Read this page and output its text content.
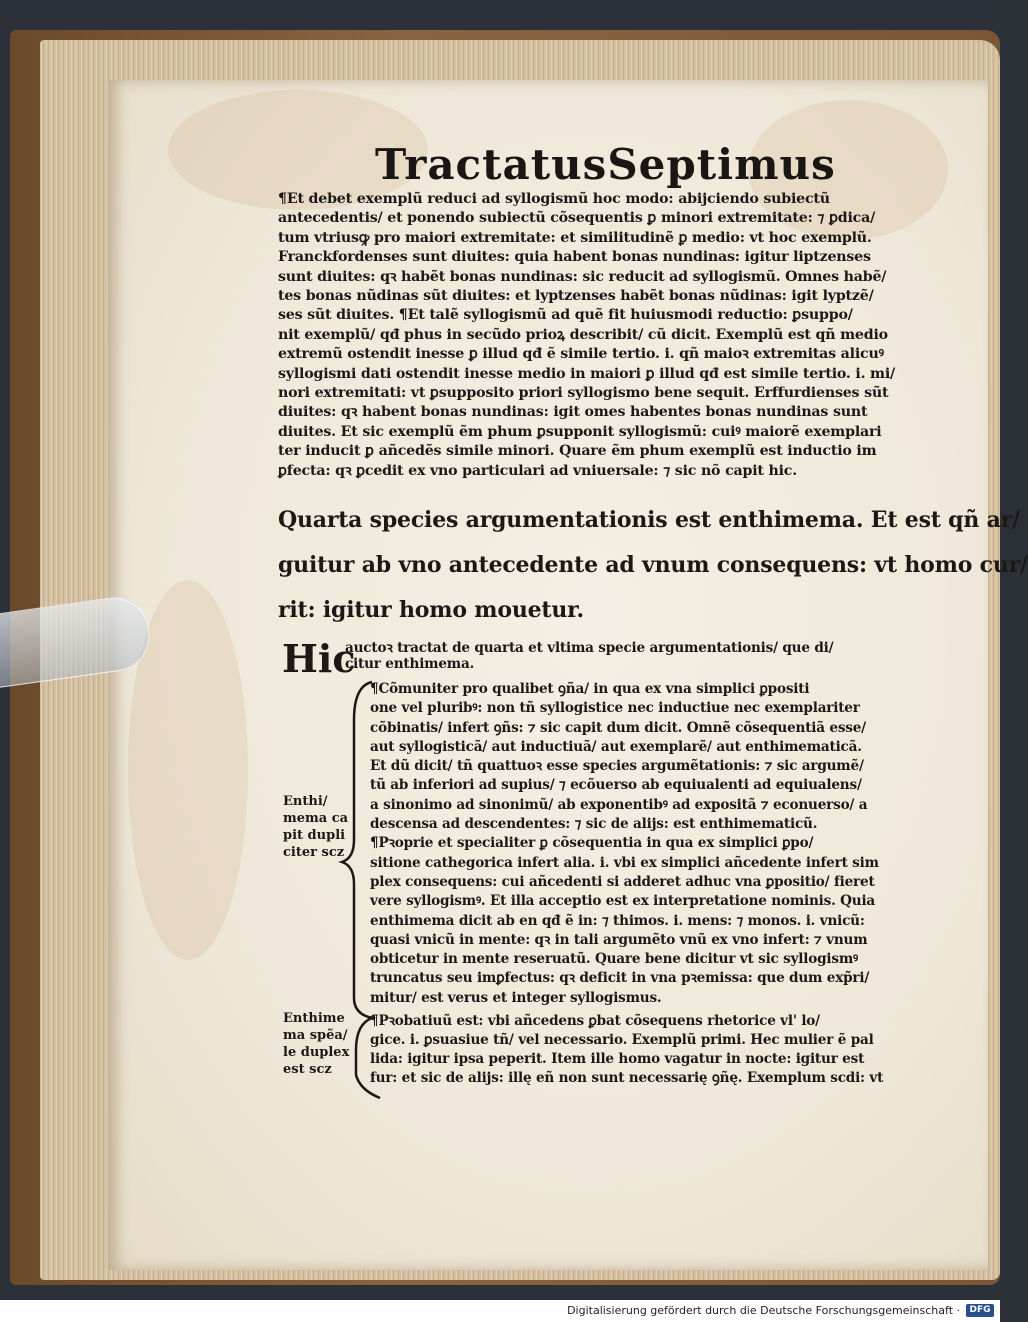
Tractatus Septimus
¶Et debet exemplũ reduci ad syllogismũ hoc modo: abijciendo subiectũ
antecedentis/ et ponendo subiectũ cõsequentis ꝑ minori extremitate: ⁊ ꝑdica/
tum vtriusꝙ pro maiori extremitate: et similitudinẽ ꝑ medio: vt hoc exemplũ.
Franckfordenses sunt diuites: quia habent bonas nundinas: igitur liptzenses
sunt diuites: qꝛ habẽt bonas nundinas: sic reducit ad syllogismũ. Omnes habẽ/
tes bonas nũdinas sũt diuites: et lyptzenses habẽt bonas nũdinas: igit lyptzẽ/
ses sũt diuites. ¶Et talẽ syllogismũ ad quẽ fit huiusmodi reductio: ꝑsuppo/
nit exemplũ/ qđ phus in secũdo prioꝝ describit/ cũ dicit. Exemplũ est qñ medio
extremũ ostendit inesse ꝑ illud qđ ẽ simile tertio. i. qñ maioꝛ extremitas alicuꝰ
syllogismi dati ostendit inesse medio in maiori ꝑ illud qđ est simile tertio. i. mi/
nori extremitati: vt ꝑsupposito priori syllogismo bene sequit. Erffurdienses sũt
diuites: qꝛ habent bonas nundinas: igit omes habentes bonas nundinas sunt
diuites. Et sic exemplũ ẽm phum ꝑsupponit syllogismũ: cuiꝰ maiorẽ exemplari
ter inducit ꝑ añcedẽs simile minori. Quare ẽm phum exemplũ est inductio im
ꝑfecta: qꝛ ꝑcedit ex vno particulari ad vniuersale: ⁊ sic nõ capit hic.
Quarta species argumentationis est enthimema. Et est qñ ar/
guitur ab vno antecedente ad vnum consequens: vt homo cur/
rit: igitur homo mouetur.
Hic
auctoꝛ tractat de quarta et vltima specie argumentationis/ que di/
citur enthimema.
¶Cõmuniter pro qualibet ꝯña/ in qua ex vna simplici ꝑpositi
one vel pluribꝰ: non tñ syllogistice nec inductiue nec exemplariter
cõbinatis/ infert ꝯñs: ⁊ sic capit dum dicit. Omnẽ cõsequentiã esse/
aut syllogisticã/ aut inductiuã/ aut exemplarẽ/ aut enthimematicã.
Et dũ dicit/ tñ quattuoꝛ esse species argumẽtationis: ⁊ sic argumẽ/
tũ ab inferiori ad supius/ ⁊ ecõuerso ab equiualenti ad equiualens/
a sinonimo ad sinonimũ/ ab exponentibꝰ ad expositã ⁊ econuerso/ a
descensa ad descendentes: ⁊ sic de alijs: est enthimematicũ.
¶Pꝛoprie et specialiter ꝑ cõsequentia in qua ex simplici ꝑpo/
sitione cathegorica infert alia. i. vbi ex simplici añcedente infert sim
plex consequens: cui añcedenti si adderet adhuc vna ꝑpositio/ fieret
vere syllogismꝰ. Et illa acceptio est ex interpretatione nominis. Quia
enthimema dicit ab en qđ ẽ in: ⁊ thimos. i. mens: ⁊ monos. i. vnicũ:
quasi vnicũ in mente: qꝛ in tali argumẽto vnũ ex vno infert: ⁊ vnum
obticetur in mente reseruatũ. Quare bene dicitur vt sic syllogismꝰ
truncatus seu imꝑfectus: qꝛ deficit in vna pꝛemissa: que dum exp̃ri/
mitur/ est verus et integer syllogismus.
¶Pꝛobatiuũ est: vbi añcedens ꝑbat cõsequens rhetorice vl' lo/
gice. i. ꝑsuasiue tñ/ vel necessario. Exemplũ primi. Hec mulier ẽ pal
lida: igitur ipsa peperit. Item ille homo vagatur in nocte: igitur est
fur: et sic de alijs: illę eñ non sunt necessarię ꝯñę. Exemplum scdi: vt
Enthi/
mema ca
pit dupli
citer scz
Enthime
ma spẽa/
le duplex
est scz
Digitalisierung gefördert durch die Deutsche Forschungsgemeinschaft ·	DFG
